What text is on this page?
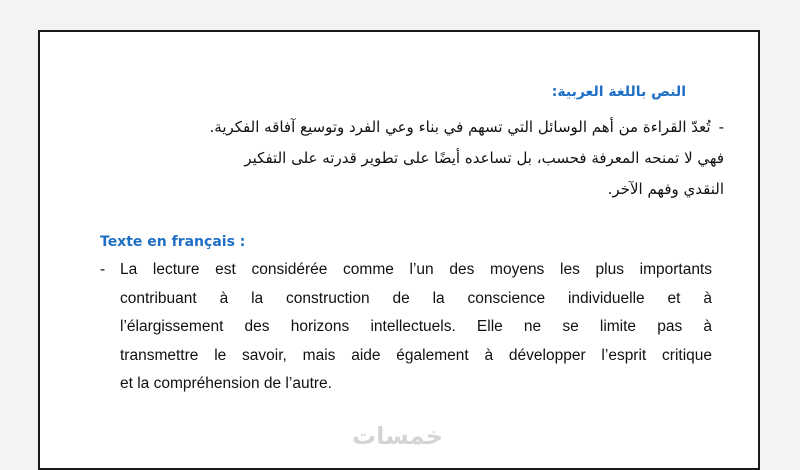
النص باللغة العربية:

-تُعدّ القراءة من أهم الوسائل التي تسهم في بناء وعي الفرد وتوسيع آفاقه الفكرية.

فهي لا تمنحه المعرفة فحسب، بل تساعده أيضًا على تطوير قدرته على التفكير

النقدي وفهم الآخر.

Texte en français :

- La lecture est considérée comme l’un des moyens les plus importants

contribuant à la construction de la conscience individuelle et à

l’élargissement des horizons intellectuels. Elle ne se limite pas à

transmettre le savoir, mais aide également à développer l’esprit critique

et la compréhension de l’autre.

خمسات
